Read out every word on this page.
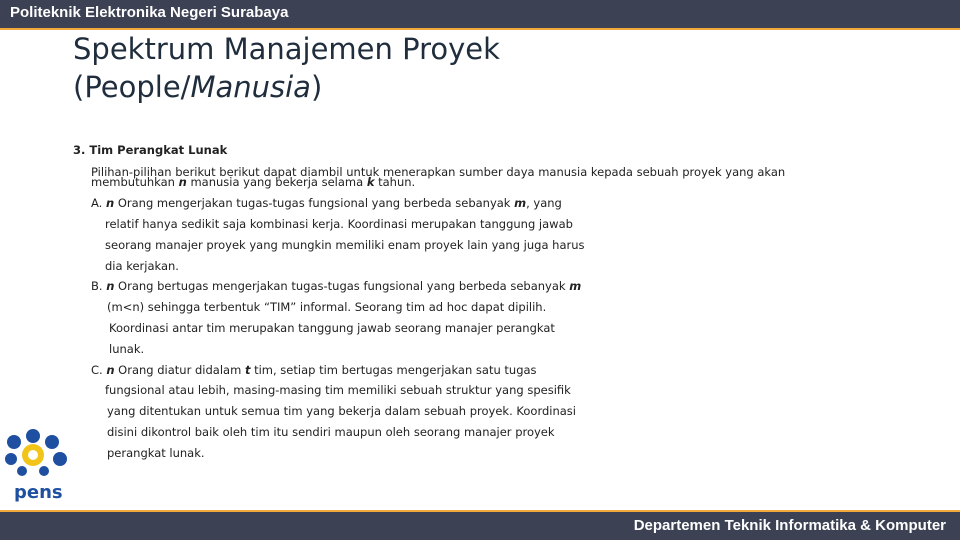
Politeknik Elektronika Negeri Surabaya
Spektrum Manajemen Proyek
(People/Manusia)
3. Tim Perangkat Lunak
Pilihan-pilihan berikut berikut dapat diambil untuk menerapkan sumber daya manusia kepada sebuah proyek yang akan
membutuhkan n manusia yang bekerja selama k tahun.
A. n Orang mengerjakan tugas-tugas fungsional yang berbeda sebanyak m, yang
relatif hanya sedikit saja kombinasi kerja. Koordinasi merupakan tanggung jawab
seorang manajer proyek yang mungkin memiliki enam proyek lain yang juga harus
dia kerjakan.
B. n Orang bertugas mengerjakan tugas-tugas fungsional yang berbeda sebanyak m
(m<n) sehingga terbentuk “TIM” informal. Seorang tim ad hoc dapat dipilih.
Koordinasi antar tim merupakan tanggung jawab seorang manajer perangkat
lunak.
C. n Orang diatur didalam t tim, setiap tim bertugas mengerjakan satu tugas
fungsional atau lebih, masing-masing tim memiliki sebuah struktur yang spesifik
yang ditentukan untuk semua tim yang bekerja dalam sebuah proyek. Koordinasi
disini dikontrol baik oleh tim itu sendiri maupun oleh seorang manajer proyek
perangkat lunak.
pens
Departemen Teknik Informatika & Komputer
